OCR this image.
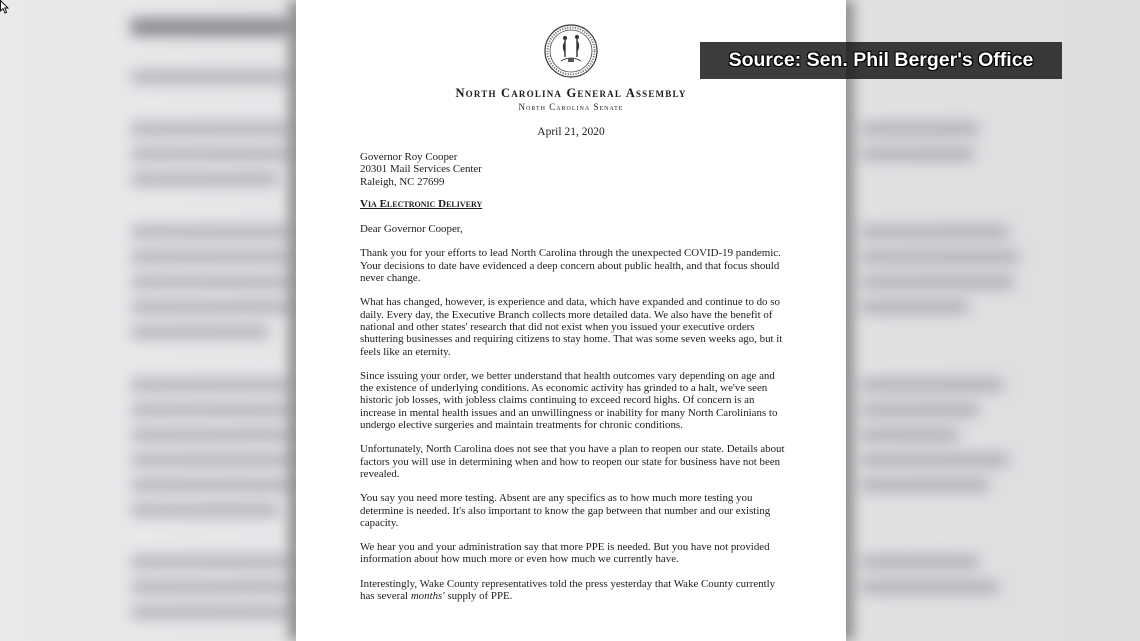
North Carolina General Assembly
North Carolina Senate
April 21, 2020
Governor Roy Cooper
20301 Mail Services Center
Raleigh, NC 27699
Via Electronic Delivery
Dear Governor Cooper,
Thank you for your efforts to lead North Carolina through the unexpected COVID-19 pandemic. Your decisions to date have evidenced a deep concern about public health, and that focus should never change.
What has changed, however, is experience and data, which have expanded and continue to do so daily. Every day, the Executive Branch collects more detailed data. We also have the benefit of national and other states' research that did not exist when you issued your executive orders shuttering businesses and requiring citizens to stay home. That was some seven weeks ago, but it feels like an eternity.
Since issuing your order, we better understand that health outcomes vary depending on age and the existence of underlying conditions. As economic activity has grinded to a halt, we've seen historic job losses, with jobless claims continuing to exceed record highs. Of concern is an increase in mental health issues and an unwillingness or inability for many North Carolinians to undergo elective surgeries and maintain treatments for chronic conditions.
Unfortunately, North Carolina does not see that you have a plan to reopen our state. Details about factors you will use in determining when and how to reopen our state for business have not been revealed.
You say you need more testing. Absent are any specifics as to how much more testing you determine is needed. It's also important to know the gap between that number and our existing capacity.
We hear you and your administration say that more PPE is needed. But you have not provided information about how much more or even how much we currently have.
Interestingly, Wake County representatives told the press yesterday that Wake County currently has several months' supply of PPE.
Source: Sen. Phil Berger's Office
